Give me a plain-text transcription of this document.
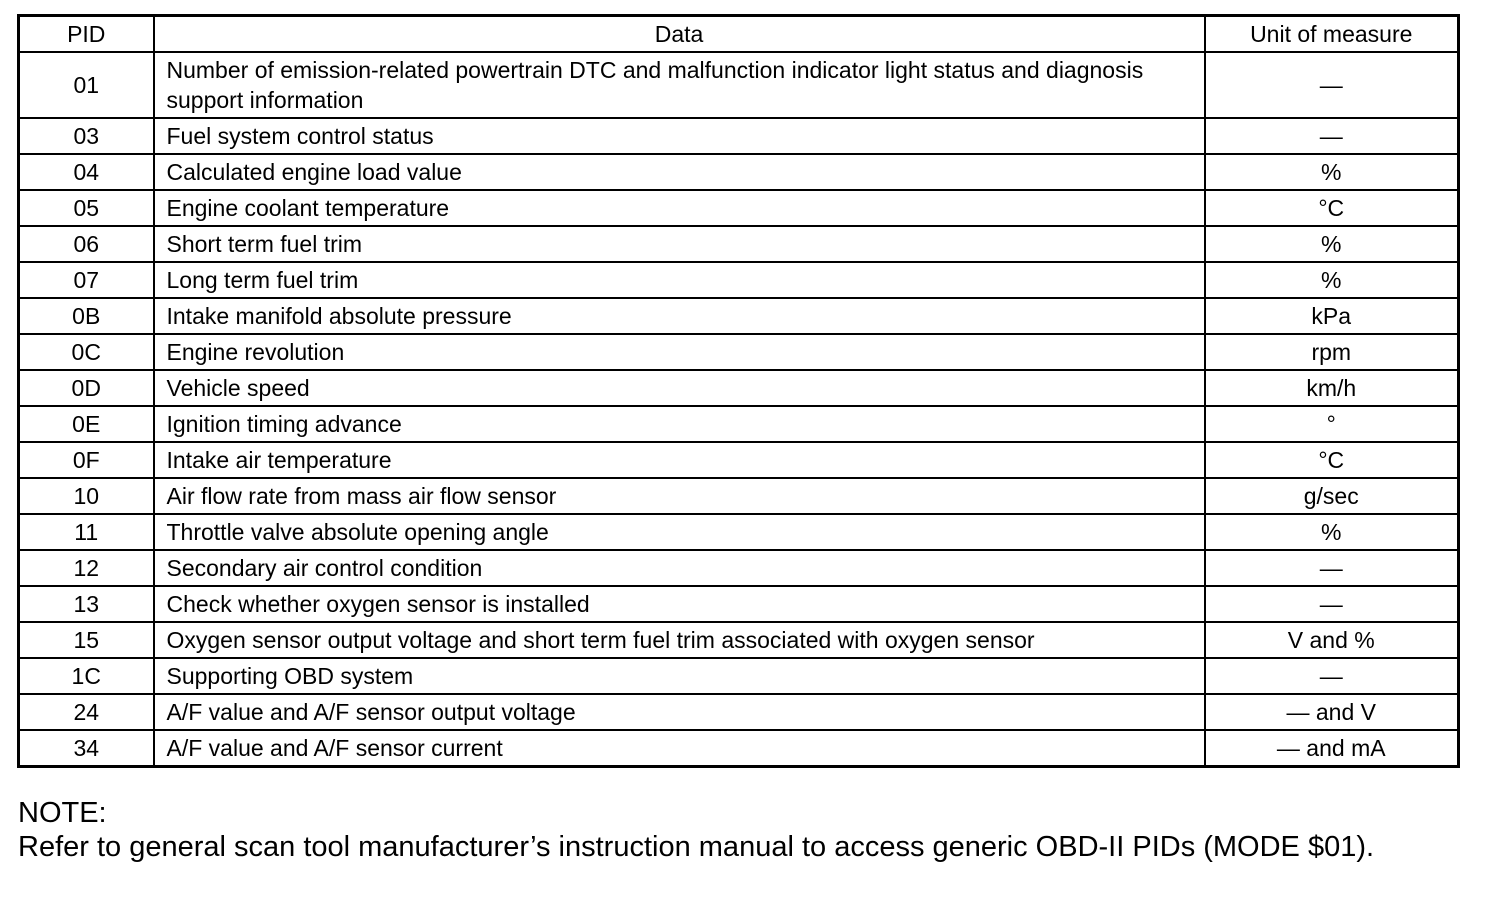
PID	Data	Unit of measure
01	Number of emission-related powertrain DTC and malfunction indicator light status and diagnosis support information	—
03	Fuel system control status	—
04	Calculated engine load value	%
05	Engine coolant temperature	°C
06	Short term fuel trim	%
07	Long term fuel trim	%
0B	Intake manifold absolute pressure	kPa
0C	Engine revolution	rpm
0D	Vehicle speed	km/h
0E	Ignition timing advance	°
0F	Intake air temperature	°C
10	Air flow rate from mass air flow sensor	g/sec
11	Throttle valve absolute opening angle	%
12	Secondary air control condition	—
13	Check whether oxygen sensor is installed	—
15	Oxygen sensor output voltage and short term fuel trim associated with oxygen sensor	V and %
1C	Supporting OBD system	—
24	A/F value and A/F sensor output voltage	— and V
34	A/F value and A/F sensor current	— and mA
NOTE:
Refer to general scan tool manufacturer’s instruction manual to access generic OBD-II PIDs (MODE $01).
